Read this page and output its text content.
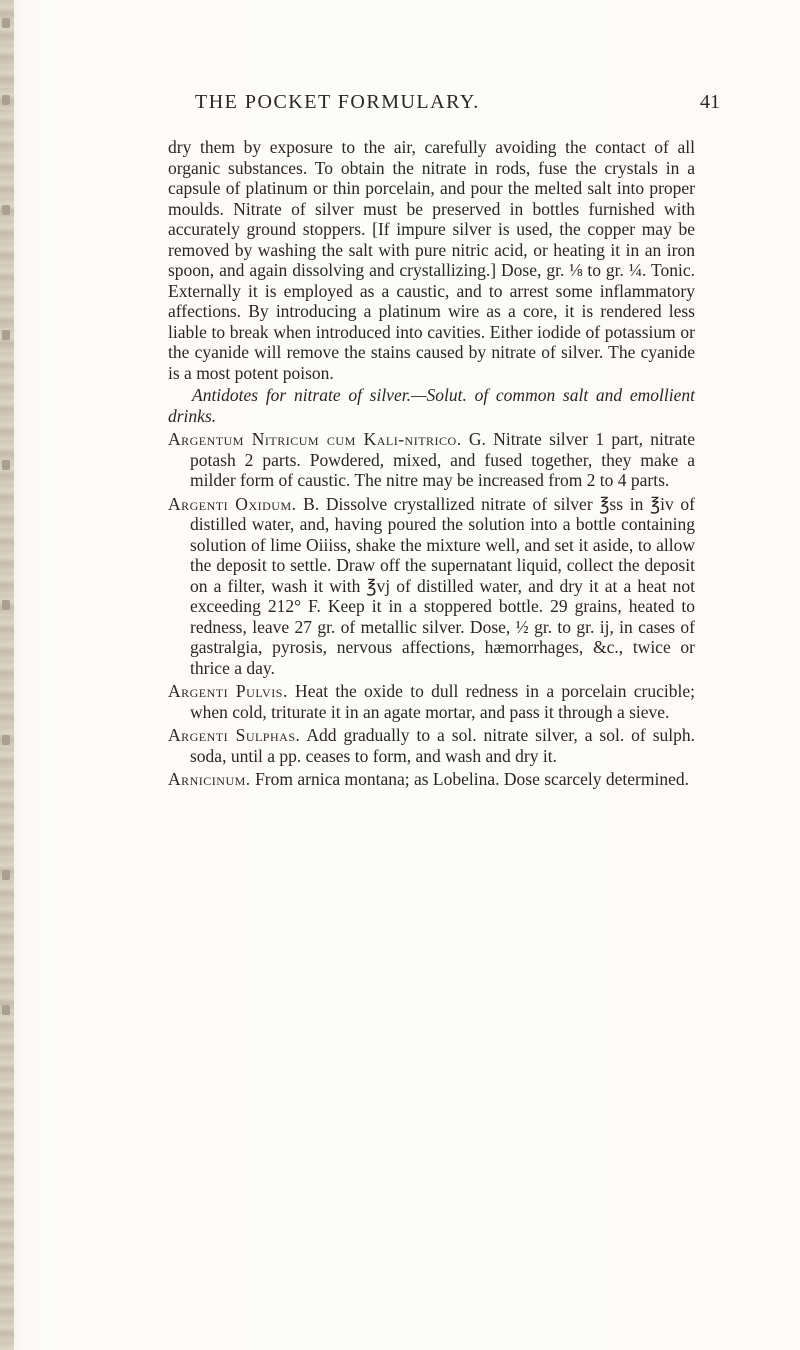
THE POCKET FORMULARY.	41

dry them by exposure to the air, carefully avoiding the contact of all organic substances. To obtain the nitrate in rods, fuse the crystals in a capsule of platinum or thin porcelain, and pour the melted salt into proper moulds. Nitrate of silver must be preserved in bottles furnished with accurately ground stoppers. [If impure silver is used, the copper may be removed by washing the salt with pure nitric acid, or heating it in an iron spoon, and again dissolving and crystallizing.] Dose, gr. ⅛ to gr. ¼. Tonic. Externally it is employed as a caustic, and to arrest some inflammatory affections. By introducing a platinum wire as a core, it is rendered less liable to break when introduced into cavities. Either iodide of potassium or the cyanide will remove the stains caused by nitrate of silver. The cyanide is a most potent poison.

Antidotes for nitrate of silver.—Solut. of common salt and emollient drinks.

Argentum Nitricum cum Kali-nitrico. G. Nitrate silver 1 part, nitrate potash 2 parts. Powdered, mixed, and fused together, they make a milder form of caustic. The nitre may be increased from 2 to 4 parts.

Argenti Oxidum. B. Dissolve crystallized nitrate of silver ℥ss in ℥iv of distilled water, and, having poured the solution into a bottle containing solution of lime Oiiiss, shake the mixture well, and set it aside, to allow the deposit to settle. Draw off the supernatant liquid, collect the deposit on a filter, wash it with ℥vj of distilled water, and dry it at a heat not exceeding 212° F. Keep it in a stoppered bottle. 29 grains, heated to redness, leave 27 gr. of metallic silver. Dose, ½ gr. to gr. ij, in cases of gastralgia, pyrosis, nervous affections, hæmorrhages, &c., twice or thrice a day.

Argenti Pulvis. Heat the oxide to dull redness in a porcelain crucible; when cold, triturate it in an agate mortar, and pass it through a sieve.

Argenti Sulphas. Add gradually to a sol. nitrate silver, a sol. of sulph. soda, until a pp. ceases to form, and wash and dry it.

Arnicinum. From arnica montana; as Lobelina. Dose scarcely determined.
